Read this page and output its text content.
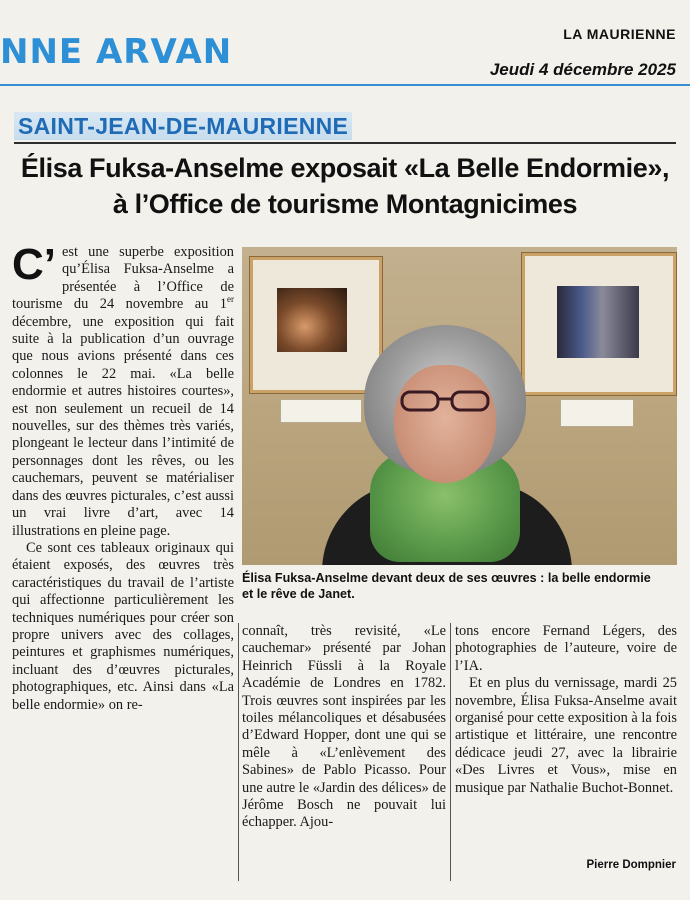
NNE ARVAN	LA MAURIENNE
Jeudi 4 décembre 2025
SAINT-JEAN-DE-MAURIENNE
Élisa Fuksa-Anselme exposait «La Belle Endormie»,
à l’Office de tourisme Montagnicimes

C’ est une superbe exposition qu’Élisa Fuksa-Anselme a présentée à l’Office de tourisme du 24 novembre au 1er décembre, une exposition qui fait suite à la publication d’un ouvrage que nous avions présenté dans ces colonnes le 22 mai. «La belle endormie et autres histoires courtes», est non seulement un recueil de 14 nouvelles, sur des thèmes très variés, plongeant le lecteur dans l’intimité de personnages dont les rêves, ou les cauchemars, peuvent se matérialiser dans des œuvres picturales, c’est aussi un vrai livre d’art, avec 14 illustrations en pleine page.

Ce sont ces tableaux originaux qui étaient exposés, des œuvres très caractéristiques du travail de l’artiste qui affectionne particulièrement les techniques numériques pour créer son propre univers avec des collages, peintures et graphismes numériques, incluant des d’œuvres picturales, photographiques, etc. Ainsi dans «La belle endormie» on re-

Élisa Fuksa-Anselme devant deux de ses œuvres : la belle endormie
et le rêve de Janet.

connaît, très revisité, «Le cauchemar» présenté par Johan Heinrich Füssli à la Royale Académie de Londres en 1782. Trois œuvres sont inspirées par les toiles mélancoliques et désabusées d’Edward Hopper, dont une qui se mêle à «L’enlèvement des Sabines» de Pablo Picasso. Pour une autre le «Jardin des délices» de Jérôme Bosch ne pouvait lui échapper. Ajou-

tons encore Fernand Légers, des photographies de l’auteure, voire de l’IA.

Et en plus du vernissage, mardi 25 novembre, Élisa Fuksa-Anselme avait organisé pour cette exposition à la fois artistique et littéraire, une rencontre dédicace jeudi 27, avec la librairie «Des Livres et Vous», mise en musique par Nathalie Buchot-Bonnet.

Pierre Dompnier
